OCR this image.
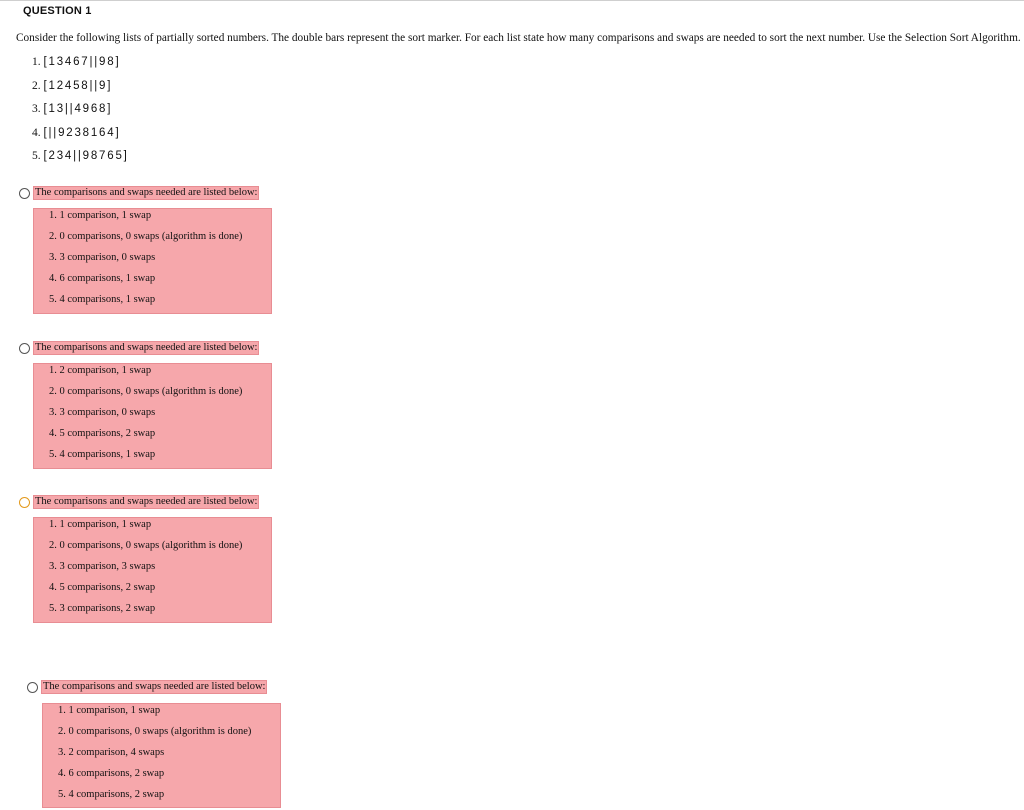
QUESTION 1
Consider the following lists of partially sorted numbers. The double bars represent the sort marker. For each list state how many comparisons and swaps are needed to sort the next number. Use the Selection Sort Algorithm.
1. [13467||98]
2. [12458||9]
3. [13||4968]
4. [||9238164]
5. [234||98765]
The comparisons and swaps needed are listed below:
1. 1 comparison, 1 swap
2. 0 comparisons, 0 swaps (algorithm is done)
3. 3 comparison, 0 swaps
4. 6 comparisons, 1 swap
5. 4 comparisons, 1 swap
The comparisons and swaps needed are listed below:
1. 2 comparison, 1 swap
2. 0 comparisons, 0 swaps (algorithm is done)
3. 3 comparison, 0 swaps
4. 5 comparisons, 2 swap
5. 4 comparisons, 1 swap
The comparisons and swaps needed are listed below:
1. 1 comparison, 1 swap
2. 0 comparisons, 0 swaps (algorithm is done)
3. 3 comparison, 3 swaps
4. 5 comparisons, 2 swap
5. 3 comparisons, 2 swap
The comparisons and swaps needed are listed below:
1. 1 comparison, 1 swap
2. 0 comparisons, 0 swaps (algorithm is done)
3. 2 comparison, 4 swaps
4. 6 comparisons, 2 swap
5. 4 comparisons, 2 swap
